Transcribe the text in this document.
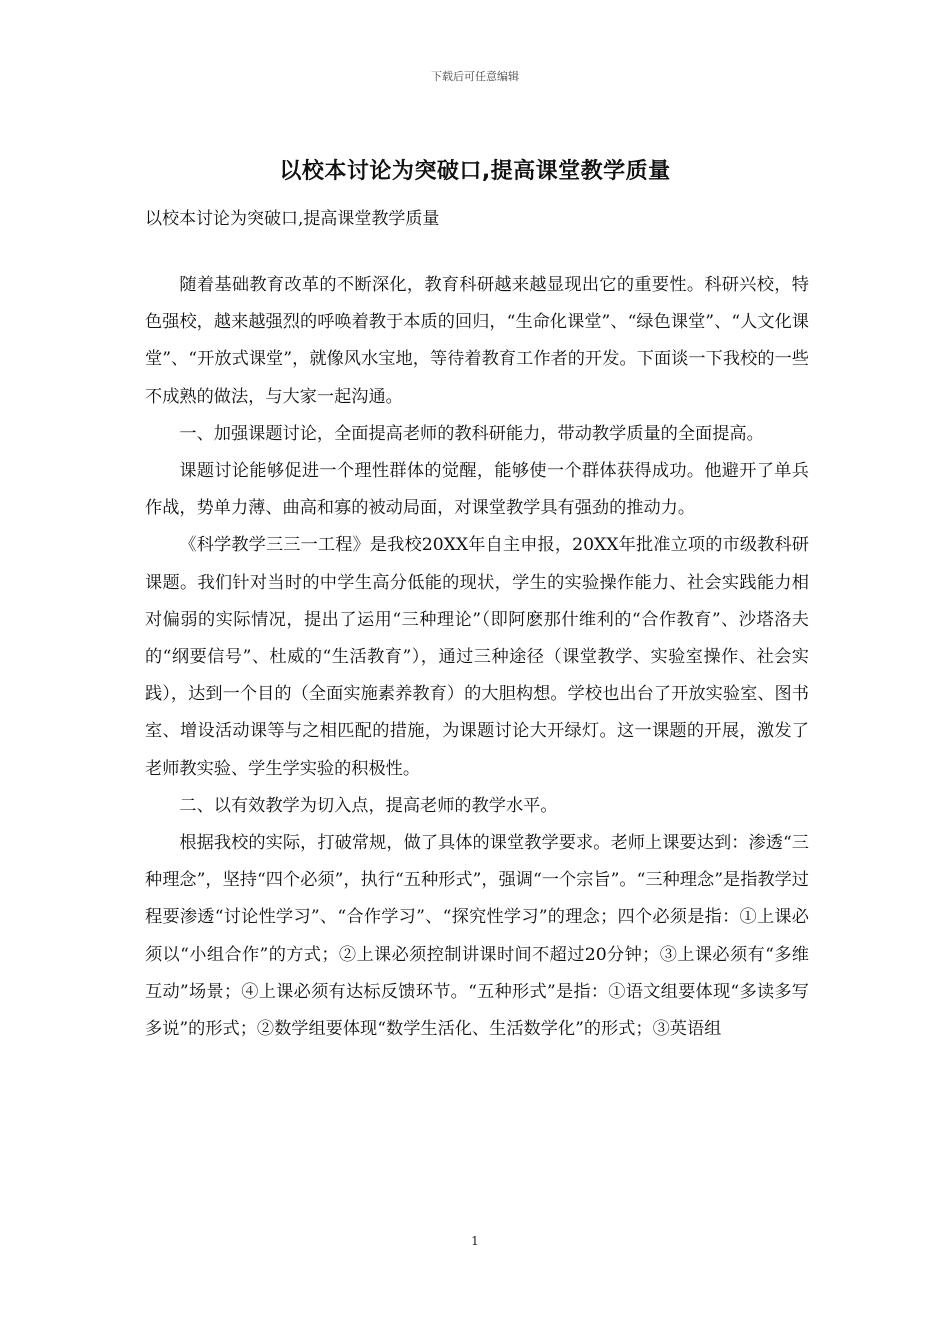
下载后可任意编辑
以校本讨论为突破口,提高课堂教学质量
以校本讨论为突破口,提高课堂教学质量

随着基础教育改革的不断深化，教育科研越来越显现出它的重要性。科研兴校，特色强校，越来越强烈的呼唤着教于本质的回归，“生命化课堂”、“绿色课堂”、“人文化课堂”、“开放式课堂”，就像风水宝地，等待着教育工作者的开发。下面谈一下我校的一些不成熟的做法，与大家一起沟通。

一、加强课题讨论，全面提高老师的教科研能力，带动教学质量的全面提高。

课题讨论能够促进一个理性群体的觉醒，能够使一个群体获得成功。他避开了单兵作战，势单力薄、曲高和寡的被动局面，对课堂教学具有强劲的推动力。

《科学教学三三一工程》是我校20XX年自主申报，20XX年批准立项的市级教科研课题。我们针对当时的中学生高分低能的现状，学生的实验操作能力、社会实践能力相对偏弱的实际情况，提出了运用“三种理论”（即阿麽那什维利的“合作教育”、沙塔洛夫的“纲要信号”、杜威的“生活教育”），通过三种途径（课堂教学、实验室操作、社会实践），达到一个目的（全面实施素养教育）的大胆构想。学校也出台了开放实验室、图书室、增设活动课等与之相匹配的措施，为课题讨论大开绿灯。这一课题的开展，激发了老师教实验、学生学实验的积极性。

二、以有效教学为切入点，提高老师的教学水平。

根据我校的实际，打破常规，做了具体的课堂教学要求。老师上课要达到：渗透“三种理念”，坚持“四个必须”，执行“五种形式”，强调“一个宗旨”。“三种理念”是指教学过程要渗透“讨论性学习”、“合作学习”、“探究性学习”的理念；四个必须是指：①上课必须以“小组合作”的方式；②上课必须控制讲课时间不超过20分钟；③上课必须有“多维互动”场景；④上课必须有达标反馈环节。“五种形式”是指：①语文组要体现“多读多写多说”的形式；②数学组要体现“数学生活化、生活数学化”的形式；③英语组

1
